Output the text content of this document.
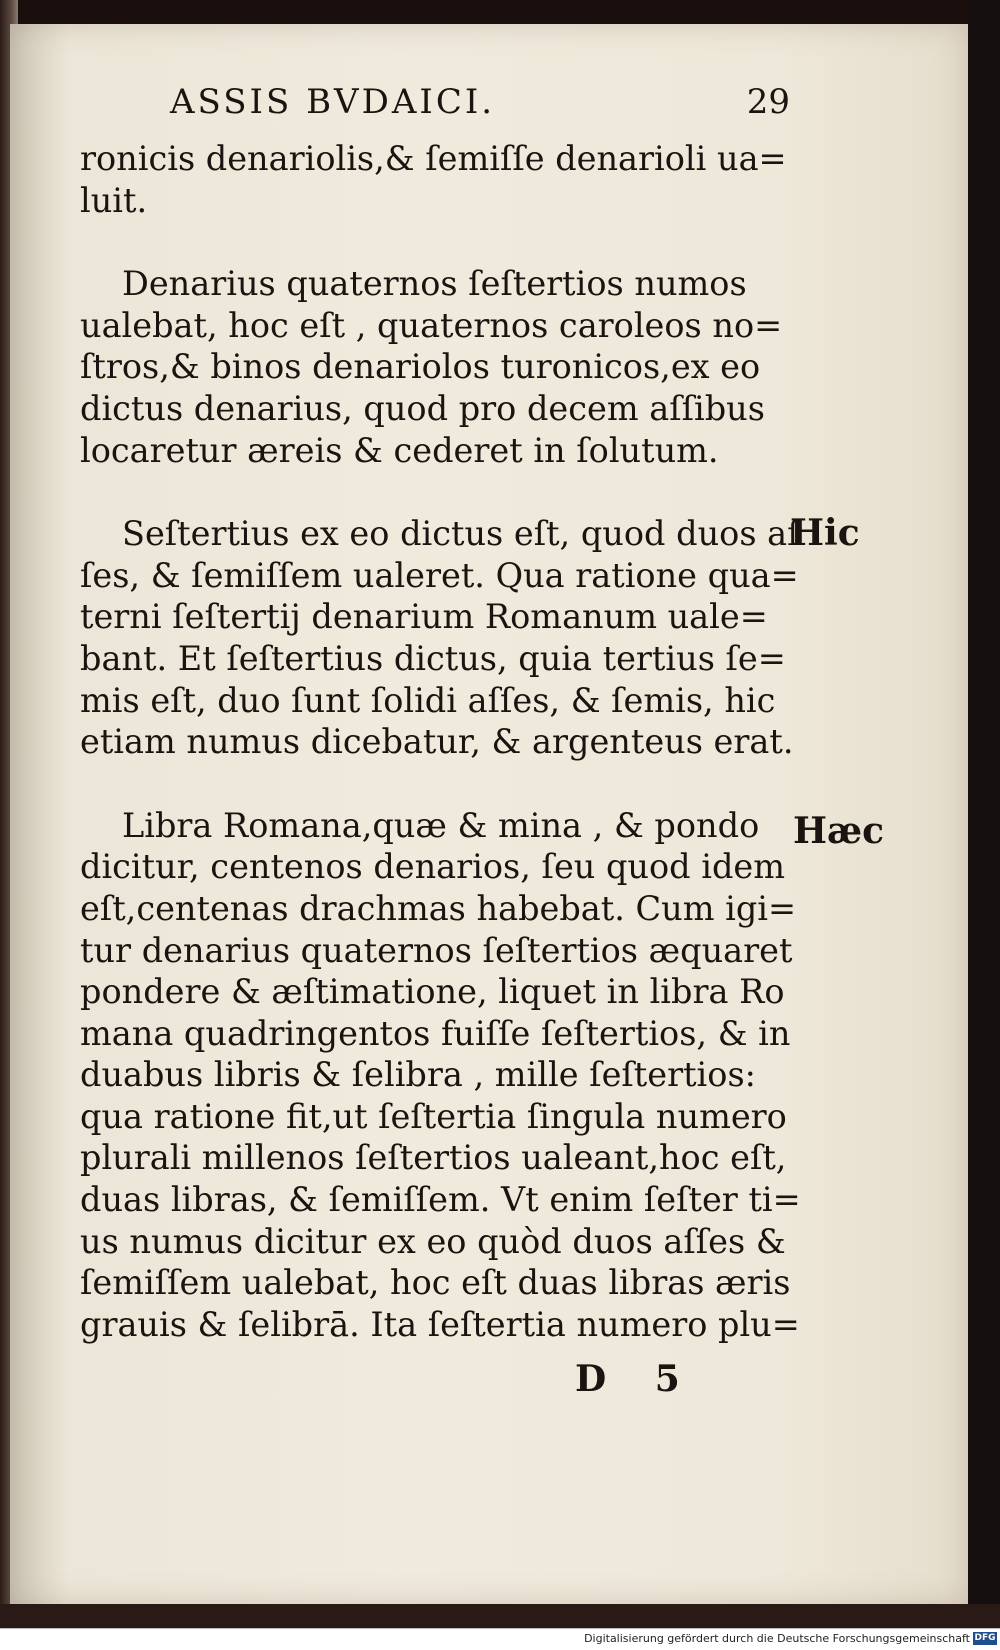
ASSIS BVDAICI.	29
ronicis denariolis,& ſemiſſe denarioli ua=
luit.
Denarius quaternos ſeſtertios numos
ualebat, hoc eſt , quaternos caroleos no=
ſtros,& binos denariolos turonicos,ex eo
dictus denarius, quod pro decem aſſibus
locaretur æreis & cederet in ſolutum.
Seſtertius ex eo dictus eſt, quod duos aſ
ſes, & ſemiſſem ualeret. Qua ratione qua=
terni ſeſtertij denarium Romanum uale=
bant. Et ſeſtertius dictus, quia tertius ſe=
mis eſt, duo ſunt ſolidi aſſes, & ſemis, hic
etiam numus dicebatur, & argenteus erat.
Libra Romana,quæ & mina , & pondo
dicitur, centenos denarios, ſeu quod idem
eſt,centenas drachmas habebat. Cum igi=
tur denarius quaternos ſeſtertios æquaret
pondere & æſtimatione, liquet in libra Ro
mana quadringentos fuiſſe ſeſtertios, & in
duabus libris & ſelibra , mille ſeſtertios:
qua ratione fit,ut ſeſtertia ſingula numero
plurali millenos ſeſtertios ualeant,hoc eſt,
duas libras, & ſemiſſem. Vt enim ſeſter ti=
us numus dicitur ex eo quòd duos aſſes &
ſemiſſem ualebat, hoc eſt duas libras æris
grauis & ſelibrā. Ita ſeſtertia numero plu=
Hic
Hæc
D 5
Digitalisierung gefördert durch die Deutsche Forschungsgemeinschaft DFG
